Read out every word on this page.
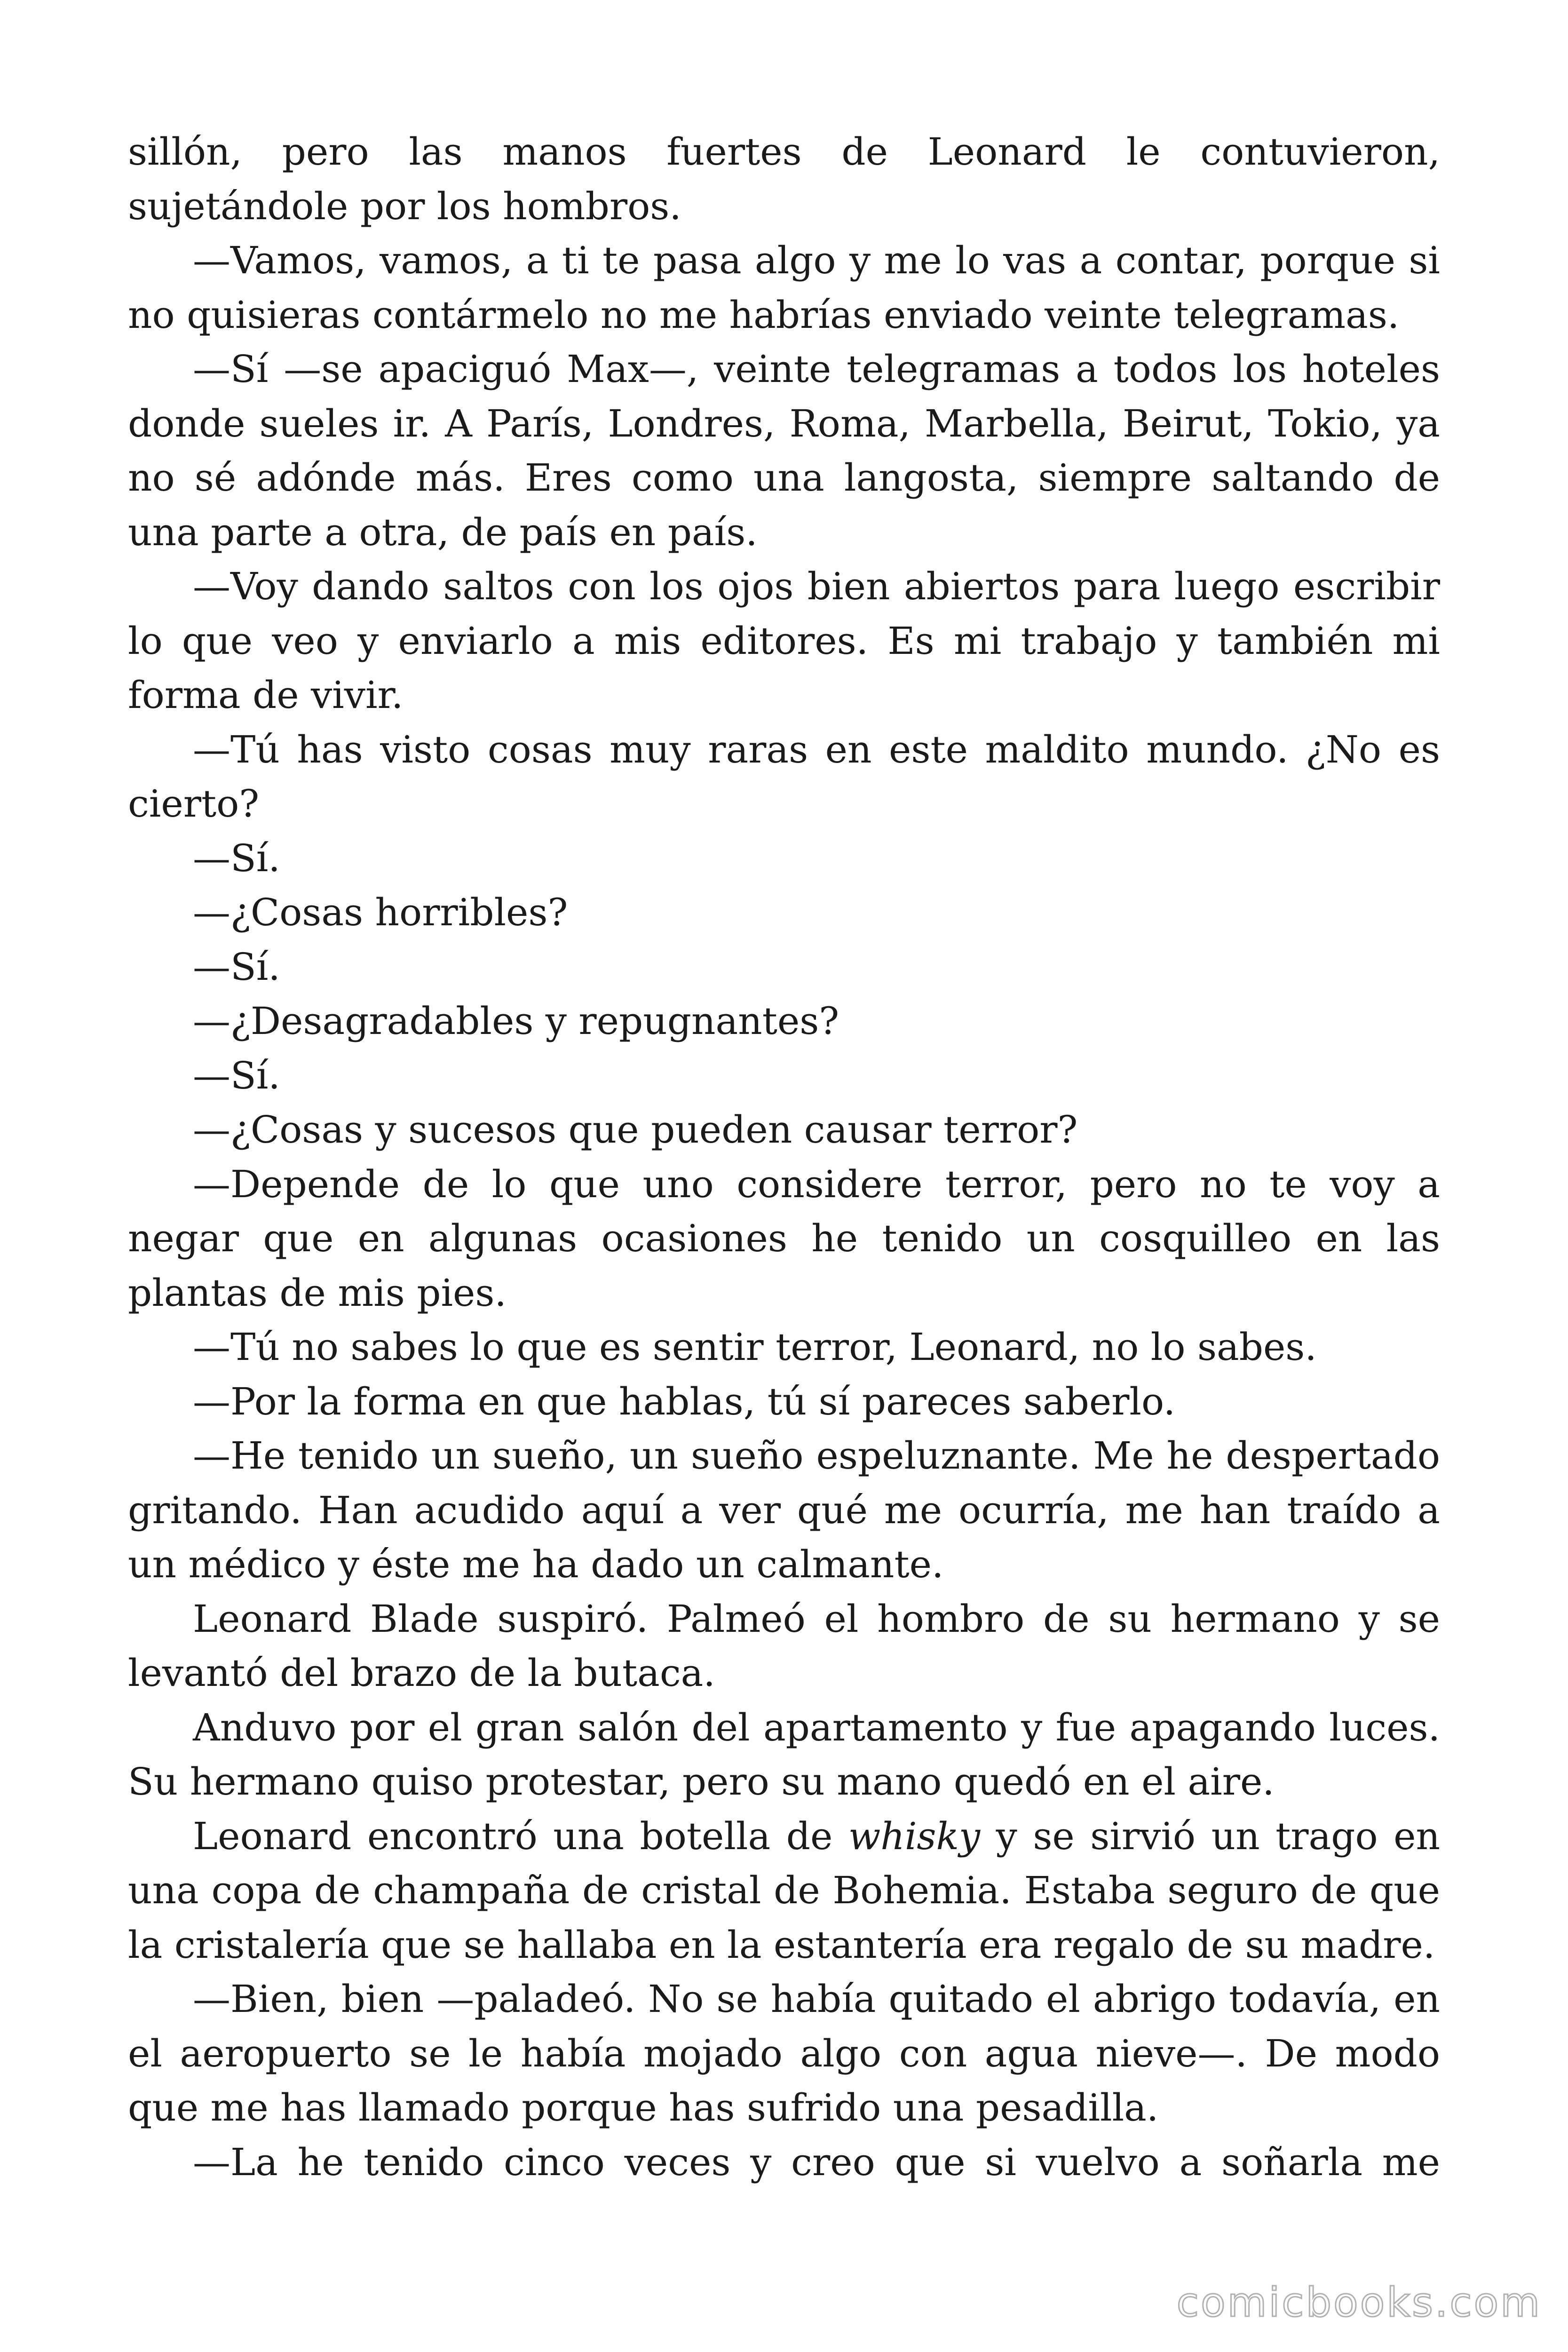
sillón, pero las manos fuertes de Leonard le contuvieron, sujetándole por los hombros.

—Vamos, vamos, a ti te pasa algo y me lo vas a contar, porque si no quisieras contármelo no me habrías enviado veinte telegramas.

—Sí —se apaciguó Max—, veinte telegramas a todos los hoteles donde sueles ir. A París, Londres, Roma, Marbella, Beirut, Tokio, ya no sé adónde más. Eres como una langosta, siempre saltando de una parte a otra, de país en país.

—Voy dando saltos con los ojos bien abiertos para luego escribir lo que veo y enviarlo a mis editores. Es mi trabajo y también mi forma de vivir.

—Tú has visto cosas muy raras en este maldito mundo. ¿No es cierto?

—Sí.

—¿Cosas horribles?

—Sí.

—¿Desagradables y repugnantes?

—Sí.

—¿Cosas y sucesos que pueden causar terror?

—Depende de lo que uno considere terror, pero no te voy a negar que en algunas ocasiones he tenido un cosquilleo en las plantas de mis pies.

—Tú no sabes lo que es sentir terror, Leonard, no lo sabes.

—Por la forma en que hablas, tú sí pareces saberlo.

—He tenido un sueño, un sueño espeluznante. Me he despertado gritando. Han acudido aquí a ver qué me ocurría, me han traído a un médico y éste me ha dado un calmante.

Leonard Blade suspiró. Palmeó el hombro de su hermano y se levantó del brazo de la butaca.

Anduvo por el gran salón del apartamento y fue apagando luces. Su hermano quiso protestar, pero su mano quedó en el aire.

Leonard encontró una botella de whisky y se sirvió un trago en una copa de champaña de cristal de Bohemia. Estaba seguro de que la cristalería que se hallaba en la estantería era regalo de su madre.

—Bien, bien —paladeó. No se había quitado el abrigo todavía, en el aeropuerto se le había mojado algo con agua nieve—. De modo que me has llamado porque has sufrido una pesadilla.

—La he tenido cinco veces y creo que si vuelvo a soñarla me

comicbooks.com
